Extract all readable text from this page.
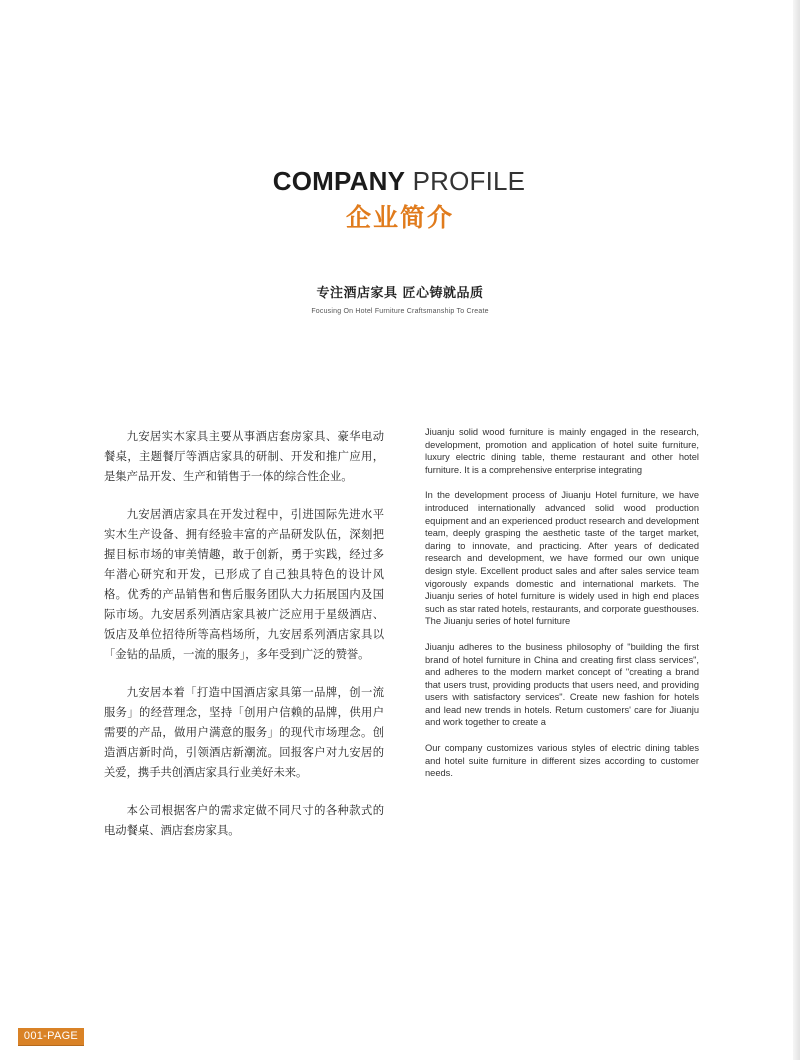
COMPANY PROFILE
企业简介
专注酒店家具 匠心铸就品质
Focusing On Hotel Furniture Craftsmanship To Create

九安居实木家具主要从事酒店套房家具、豪华电动餐桌，主题餐厅等酒店家具的研制、开发和推广应用，是集产品开发、生产和销售于一体的综合性企业。

九安居酒店家具在开发过程中，引进国际先进水平实木生产设备、拥有经验丰富的产品研发队伍，深刻把握目标市场的审美情趣，敢于创新，勇于实践，经过多年潜心研究和开发，已形成了自己独具特色的设计风格。优秀的产品销售和售后服务团队大力拓展国内及国际市场。九安居系列酒店家具被广泛应用于星级酒店、饭店及单位招待所等高档场所，九安居系列酒店家具以「金钻的品质，一流的服务」，多年受到广泛的赞誉。

九安居本着「打造中国酒店家具第一品牌，创一流服务」的经营理念，坚持「创用户信赖的品牌，供用户需要的产品，做用户满意的服务」的现代市场理念。创造酒店新时尚，引领酒店新潮流。回报客户对九安居的关爱，携手共创酒店家具行业美好未来。

本公司根据客户的需求定做不同尺寸的各种款式的电动餐桌、酒店套房家具。

Jiuanju solid wood furniture is mainly engaged in the research, development, promotion and application of hotel suite furniture, luxury electric dining table, theme restaurant and other hotel furniture. It is a comprehensive enterprise integrating

In the development process of Jiuanju Hotel furniture, we have introduced internationally advanced solid wood production equipment and an experienced product research and development team, deeply grasping the aesthetic taste of the target market, daring to innovate, and practicing. After years of dedicated research and development, we have formed our own unique design style. Excellent product sales and after sales service team vigorously expands domestic and international markets. The Jiuanju series of hotel furniture is widely used in high end places such as star rated hotels, restaurants, and corporate guesthouses. The Jiuanju series of hotel furniture

Jiuanju adheres to the business philosophy of "building the first brand of hotel furniture in China and creating first class services", and adheres to the modern market concept of "creating a brand that users trust, providing products that users need, and providing users with satisfactory services". Create new fashion for hotels and lead new trends in hotels. Return customers' care for Jiuanju and work together to create a

Our company customizes various styles of electric dining tables and hotel suite furniture in different sizes according to customer needs.

001-PAGE
